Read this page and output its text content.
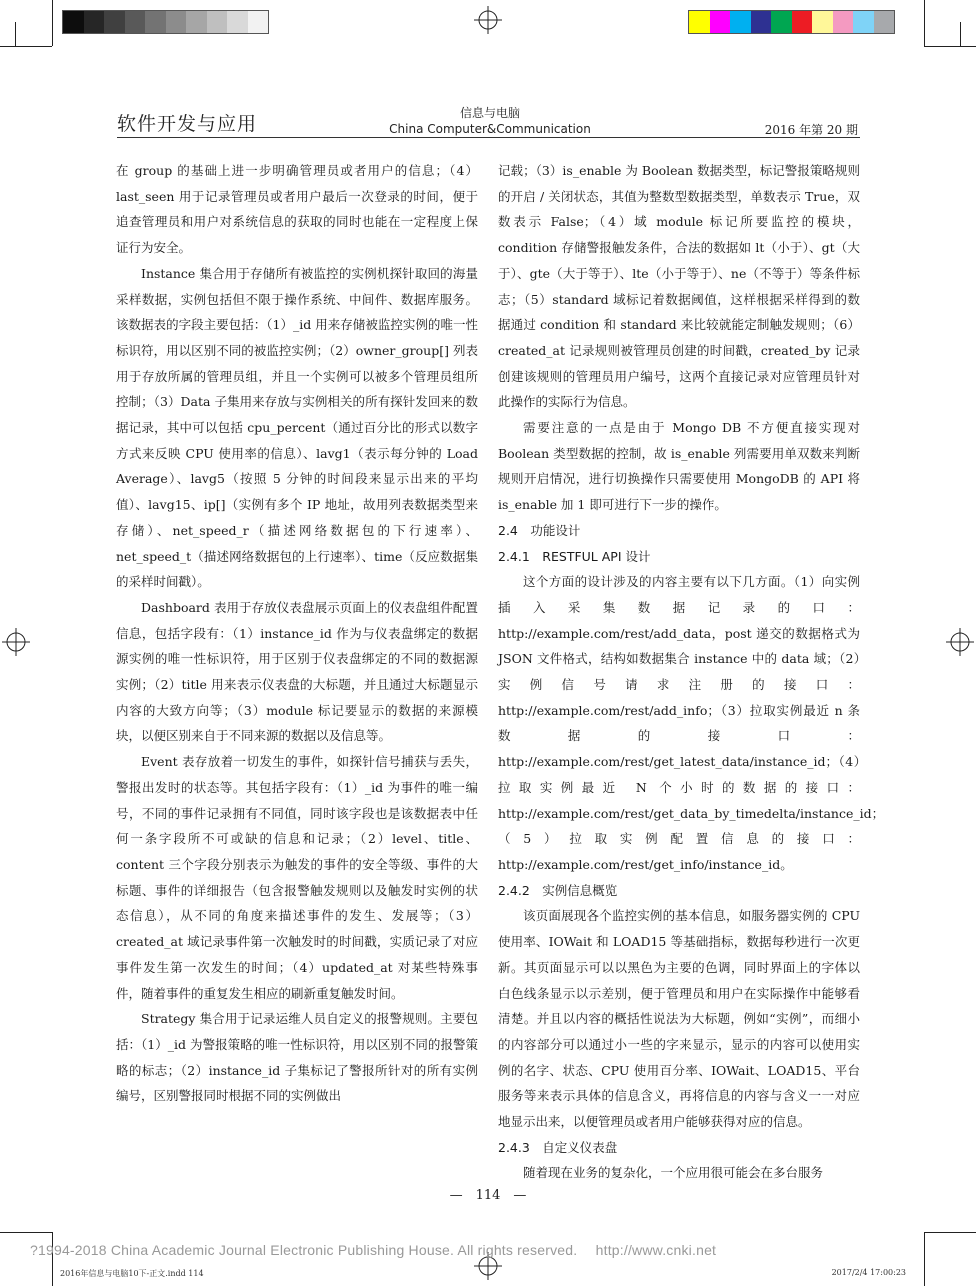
软件开发与应用	信息与电脑
China Computer&Communication	2016 年第 20 期

在 group 的基础上进一步明确管理员或者用户的信息；（4）last_seen 用于记录管理员或者用户最后一次登录的时间，便于追查管理员和用户对系统信息的获取的同时也能在一定程度上保证行为安全。

Instance 集合用于存储所有被监控的实例机探针取回的海量采样数据，实例包括但不限于操作系统、中间件、数据库服务。该数据表的字段主要包括：（1）_id 用来存储被监控实例的唯一性标识符，用以区别不同的被监控实例；（2）owner_group[] 列表用于存放所属的管理员组，并且一个实例可以被多个管理员组所控制；（3）Data 子集用来存放与实例相关的所有探针发回来的数据记录，其中可以包括 cpu_percent（通过百分比的形式以数字方式来反映 CPU 使用率的信息）、lavg1（表示每分钟的 Load Average）、lavg5（按照 5 分钟的时间段来显示出来的平均值）、lavg15、ip[]（实例有多个 IP 地址，故用列表数据类型来存储）、net_speed_r（描述网络数据包的下行速率）、net_speed_t（描述网络数据包的上行速率）、time（反应数据集的采样时间戳）。

Dashboard 表用于存放仪表盘展示页面上的仪表盘组件配置信息，包括字段有：（1）instance_id 作为与仪表盘绑定的数据源实例的唯一性标识符，用于区别于仪表盘绑定的不同的数据源实例；（2）title 用来表示仪表盘的大标题，并且通过大标题显示内容的大致方向等；（3）module 标记要显示的数据的来源模块，以便区别来自于不同来源的数据以及信息等。

Event 表存放着一切发生的事件，如探针信号捕获与丢失，警报出发时的状态等。其包括字段有：（1）_id 为事件的唯一编号，不同的事件记录拥有不同值，同时该字段也是该数据表中任何一条字段所不可或缺的信息和记录；（2）level、title、content 三个字段分别表示为触发的事件的安全等级、事件的大标题、事件的详细报告（包含报警触发规则以及触发时实例的状态信息），从不同的角度来描述事件的发生、发展等；（3）created_at 域记录事件第一次触发时的时间戳，实质记录了对应事件发生第一次发生的时间；（4）updated_at 对某些特殊事件，随着事件的重复发生相应的刷新重复触发时间。

Strategy 集合用于记录运维人员自定义的报警规则。主要包括：（1）_id 为警报策略的唯一性标识符，用以区别不同的报警策略的标志；（2）instance_id 子集标记了警报所针对的所有实例编号，区别警报同时根据不同的实例做出

记载；（3）is_enable 为 Boolean 数据类型，标记警报策略规则的开启 / 关闭状态，其值为整数型数据类型，单数表示 True，双数表示 False；（4）域 module 标记所要监控的模块，condition 存储警报触发条件，合法的数据如 lt（小于）、gt（大于）、gte（大于等于）、lte（小于等于）、ne（不等于）等条件标志；（5）standard 域标记着数据阈值，这样根据采样得到的数据通过 condition 和 standard 来比较就能定制触发规则；（6）created_at 记录规则被管理员创建的时间戳，created_by 记录创建该规则的管理员用户编号，这两个直接记录对应管理员针对此操作的实际行为信息。

需要注意的一点是由于 Mongo DB 不方便直接实现对 Boolean 类型数据的控制，故 is_enable 列需要用单双数来判断规则开启情况，进行切换操作只需要使用 MongoDB 的 API 将 is_enable 加 1 即可进行下一步的操作。

2.4　功能设计
2.4.1　RESTFUL API 设计

这个方面的设计涉及的内容主要有以下几方面。（1）向实例插入采集数据记录的口：http://example.com/rest/add_data，post 递交的数据格式为 JSON 文件格式，结构如数据集合 instance 中的 data 域；（2）实例信号请求注册的接口：http://example.com/rest/add_info；（3）拉取实例最近 n 条数据的接口：http://example.com/rest/get_latest_data/instance_id；（4）拉取实例最近 N 个小时的数据的接口：http://example.com/rest/get_data_by_timedelta/instance_id；（5）拉取实例配置信息的接口：http://example.com/rest/get_info/instance_id。

2.4.2　实例信息概览

该页面展现各个监控实例的基本信息，如服务器实例的 CPU 使用率、IOWait 和 LOAD15 等基础指标，数据每秒进行一次更新。其页面显示可以以黑色为主要的色调，同时界面上的字体以白色线条显示以示差别，便于管理员和用户在实际操作中能够看清楚。并且以内容的概括性说法为大标题，例如“实例”，而细小的内容部分可以通过小一些的字来显示，显示的内容可以使用实例的名字、状态、CPU 使用百分率、IOWait、LOAD15、平台服务等来表示具体的信息含义，再将信息的内容与含义一一对应地显示出来，以便管理员或者用户能够获得对应的信息。

2.4.3　自定义仪表盘

随着现在业务的复杂化，一个应用很可能会在多台服务

—　114　—
?1994-2018 China Academic Journal Electronic Publishing House. All rights reserved.　 http://www.cnki.net
2016年信息与电脑10下-正文.indd 114	2017/2/4 17:00:23
